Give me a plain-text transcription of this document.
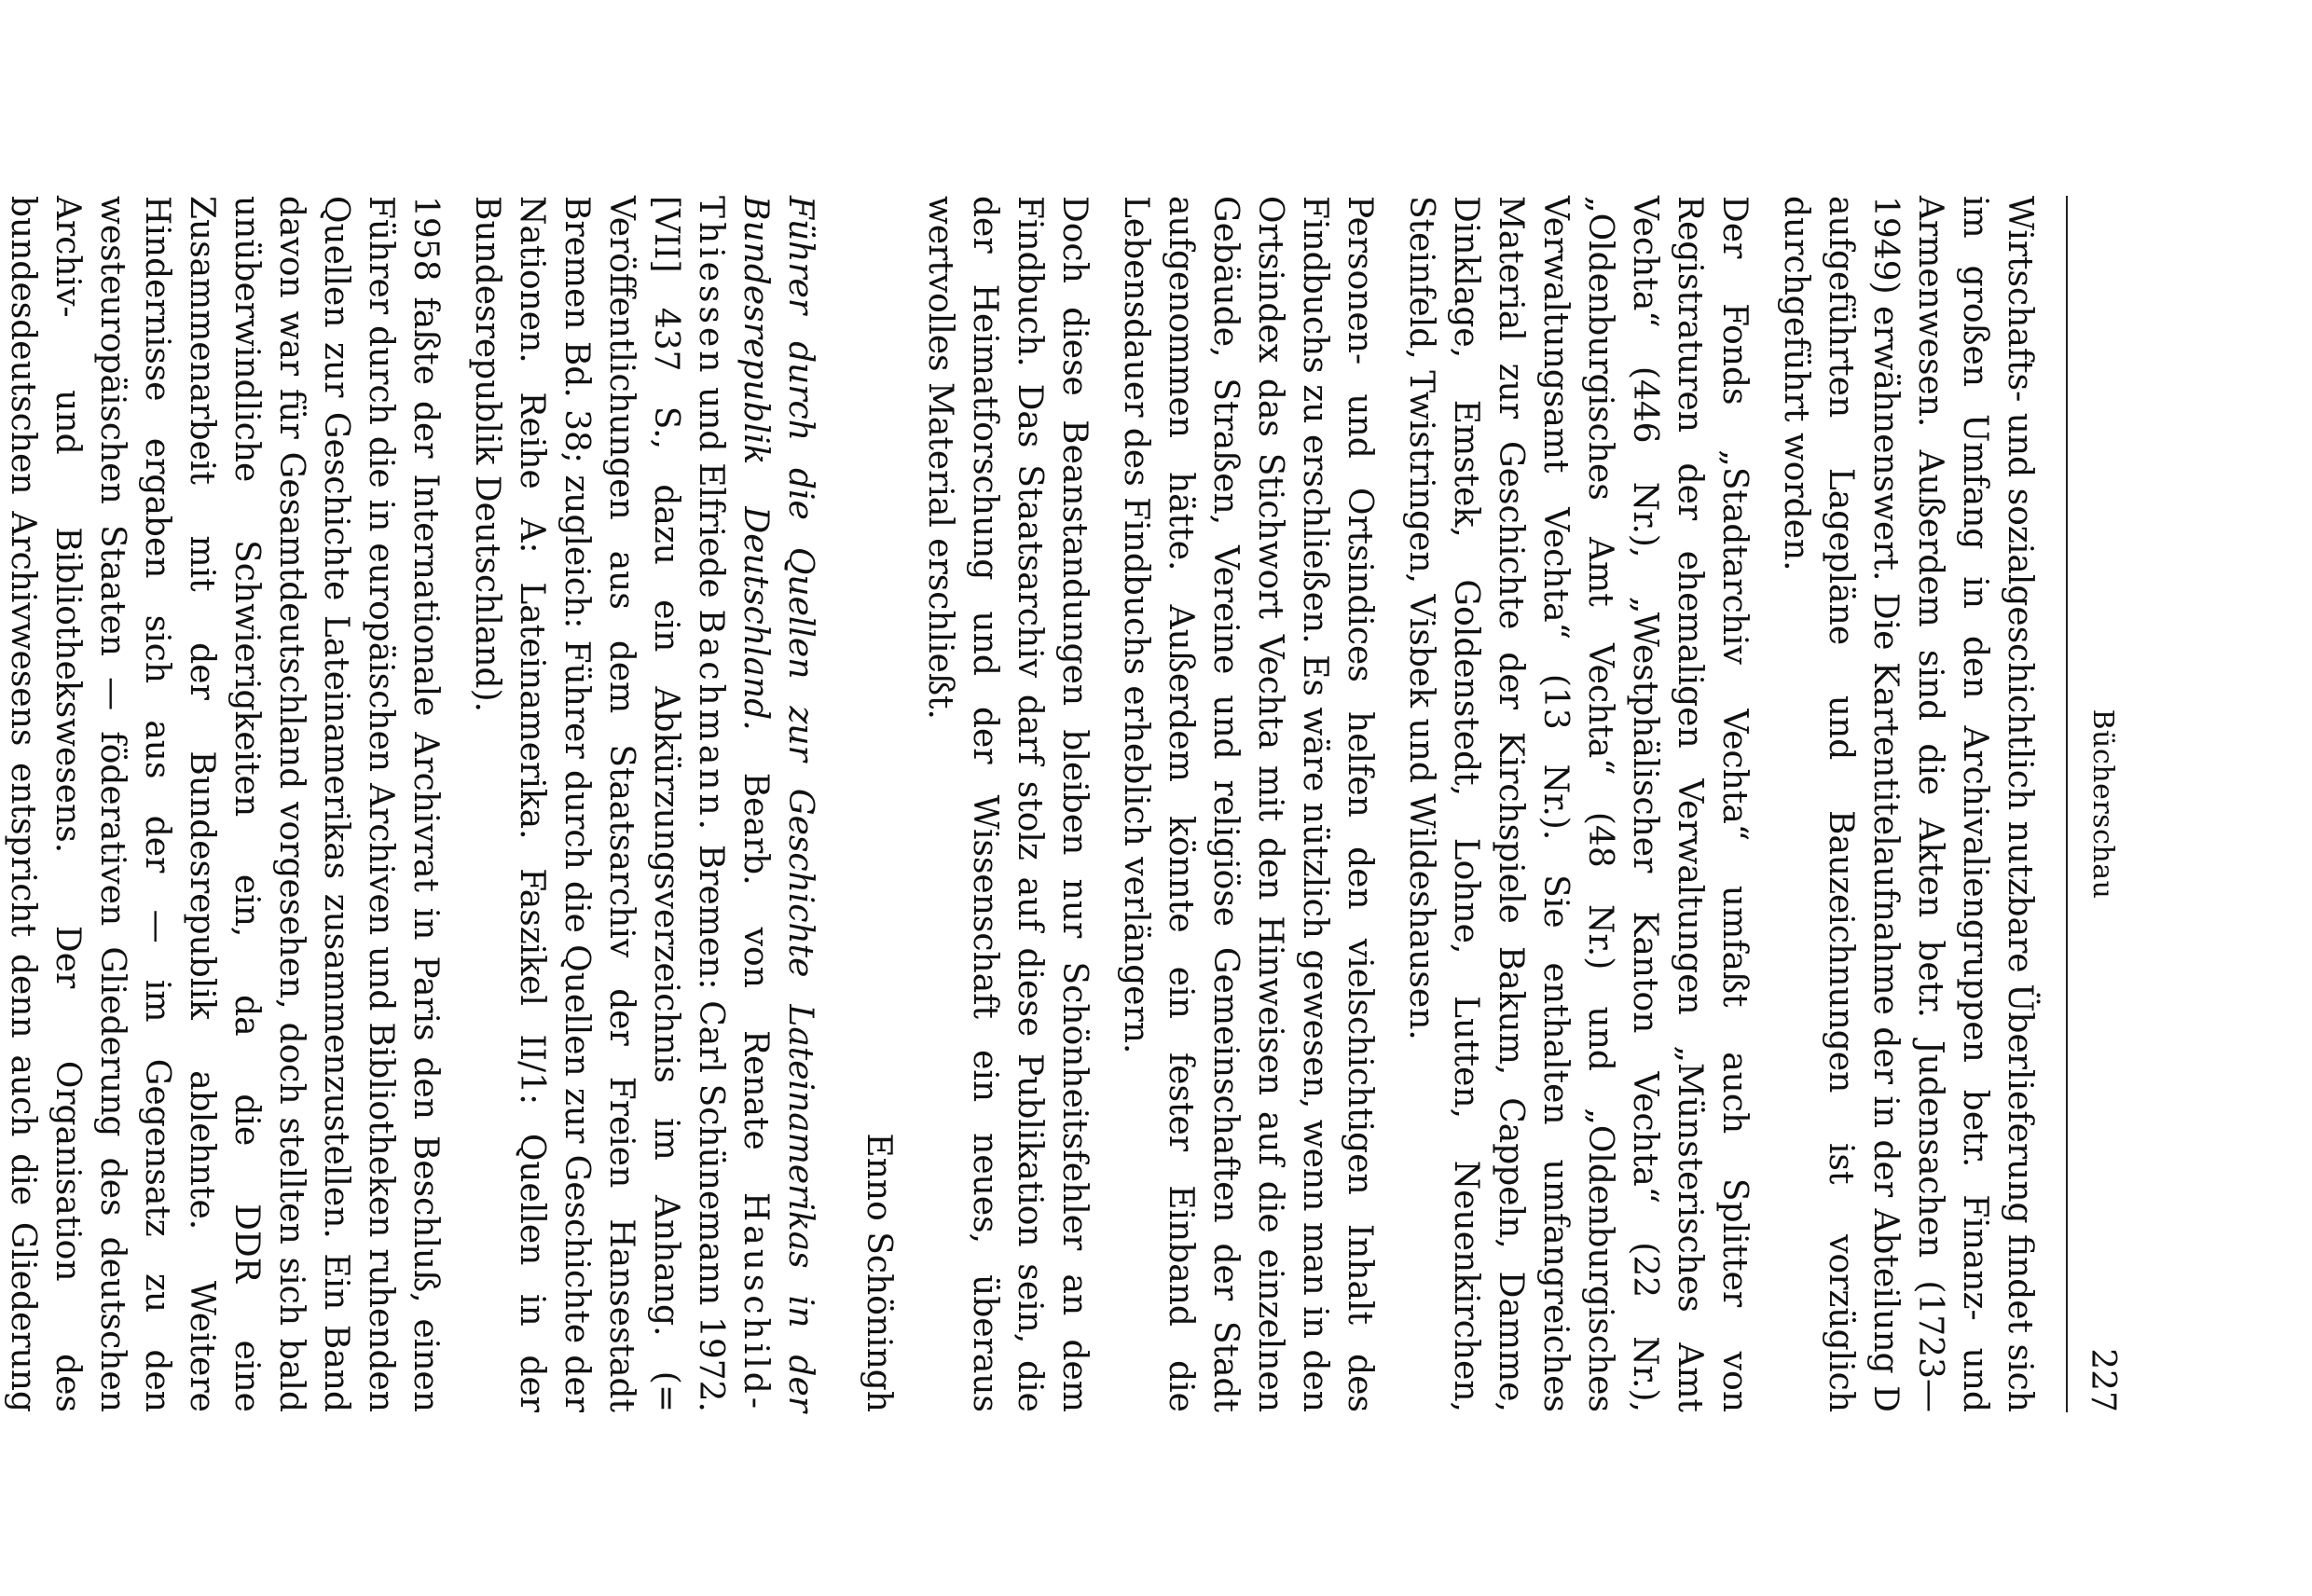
Bücherschau
227

Wirtschafts- und sozialgeschichtlich nutzbare Überlieferung findet sich im großen Umfang in den Archivaliengruppen betr. Finanz- und Armenwesen. Außerdem sind die Akten betr. Judensachen (1723—1949) erwähnenswert. Die Kartentitelaufnahme der in der Abteilung D aufgeführten Lagepläne und Bauzeichnungen ist vorzüglich durchgeführt worden.

Der Fonds „Stadtarchiv Vechta“ umfaßt auch Splitter von Registraturen der ehemaligen Verwaltungen „Münsterisches Amt Vechta“ (446 Nr.), „Westphälischer Kanton Vechta“ (22 Nr.), „Oldenburgisches Amt Vechta“ (48 Nr.) und „Oldenburgisches Verwaltungsamt Vechta“ (13 Nr.). Sie enthalten umfangreiches Material zur Geschichte der Kirchspiele Bakum, Cappeln, Damme, Dinklage, Emstek, Goldenstedt, Lohne, Lutten, Neuenkirchen, Steinfeld, Twistringen, Visbek und Wildeshausen.

Personen- und Ortsindices helfen den vielschichtigen Inhalt des Findbuchs zu erschließen. Es wäre nützlich gewesen, wenn man in den Ortsindex das Stichwort Vechta mit den Hinweisen auf die einzelnen Gebäude, Straßen, Vereine und religiöse Gemeinschaften der Stadt aufgenommen hätte. Außerdem könnte ein fester Einband die Lebensdauer des Findbuchs erheblich verlängern.

Doch diese Beanstandungen bleiben nur Schönheitsfehler an dem Findbuch. Das Staatsarchiv darf stolz auf diese Publikation sein, die der Heimatforschung und der Wissenschaft ein neues, überaus wertvolles Material erschließt.

Enno Schöningh

Führer durch die Quellen zur Geschichte Lateinamerikas in der Bundesrepublik Deutschland. Bearb. von Renate Hauschild-Thiessen und Elfriede Bachmann. Bremen: Carl Schünemann 1972. [VII] 437 S., dazu ein Abkürzungsverzeichnis im Anhang. (= Veröffentlichungen aus dem Staatsarchiv der Freien Hansestadt Bremen Bd. 38; zugleich: Führer durch die Quellen zur Geschichte der Nationen. Reihe A: Lateinamerika. Faszikel II/1: Quellen in der Bundesrepublik Deutschland).

1958 faßte der Internationale Archivrat in Paris den Beschluß, einen Führer durch die in europäischen Archiven und Bibliotheken ruhenden Quellen zur Geschichte Lateinamerikas zusammenzustellen. Ein Band davon war für Gesamtdeutschland vorgesehen, doch stellten sich bald unüberwindliche Schwierigkeiten ein, da die DDR eine Zusammenarbeit mit der Bundesrepublik ablehnte. Weitere Hindernisse ergaben sich aus der — im Gegensatz zu den westeuropäischen Staaten — föderativen Gliederung des deutschen Archiv- und Bibliothekswesens. Der Organisation des bundesdeutschen Archivwesens entspricht denn auch die Gliederung
